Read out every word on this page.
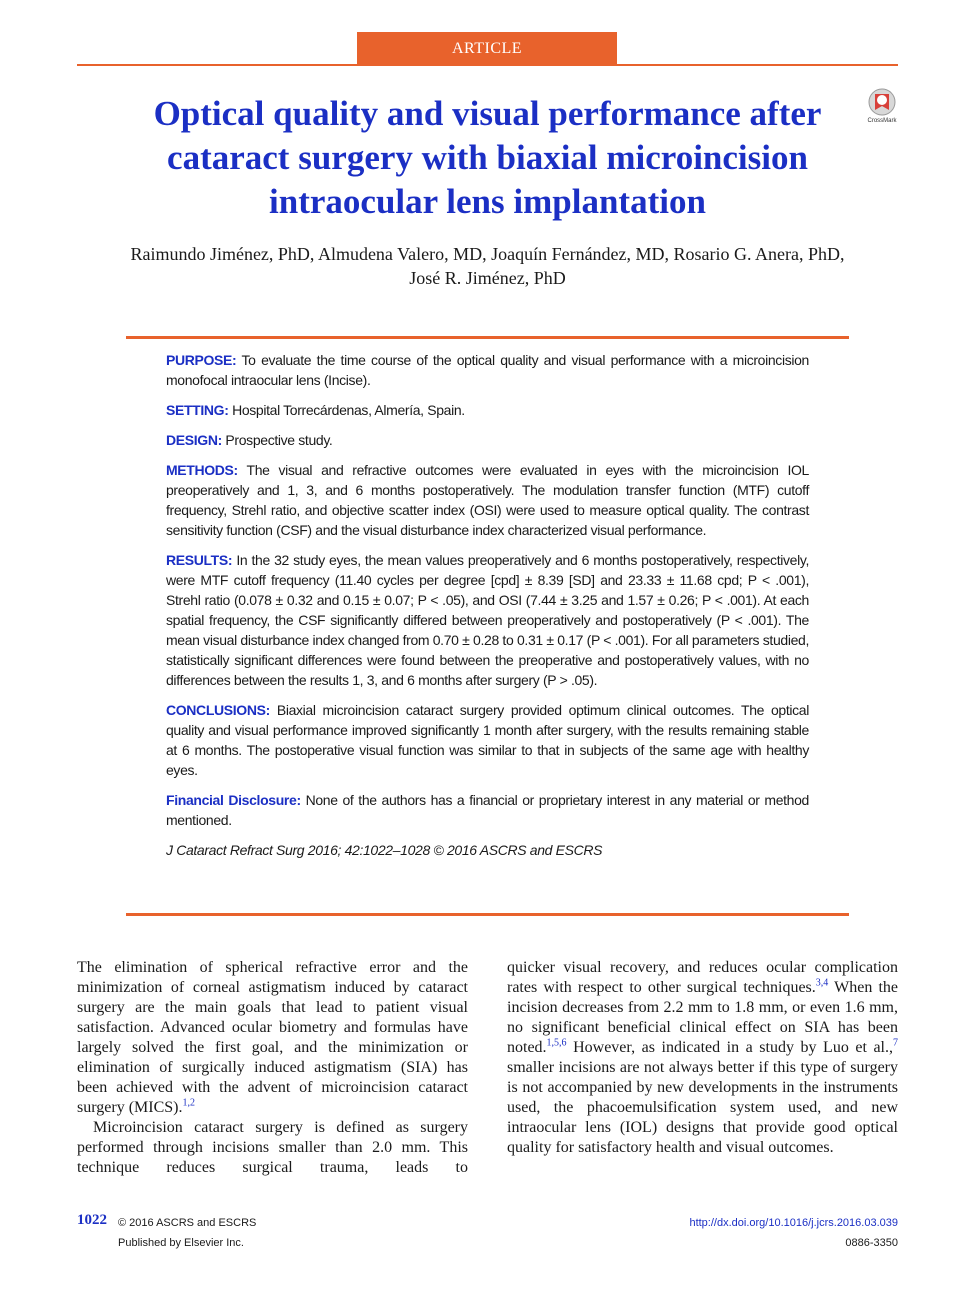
ARTICLE
Optical quality and visual performance after cataract surgery with biaxial microincision intraocular lens implantation
CrossMark
Raimundo Jiménez, PhD, Almudena Valero, MD, Joaquín Fernández, MD, Rosario G. Anera, PhD,
José R. Jiménez, PhD

PURPOSE: To evaluate the time course of the optical quality and visual performance with a microincision monofocal intraocular lens (Incise).

SETTING: Hospital Torrecárdenas, Almería, Spain.

DESIGN: Prospective study.

METHODS: The visual and refractive outcomes were evaluated in eyes with the microincision IOL preoperatively and 1, 3, and 6 months postoperatively. The modulation transfer function (MTF) cutoff frequency, Strehl ratio, and objective scatter index (OSI) were used to measure optical quality. The contrast sensitivity function (CSF) and the visual disturbance index characterized visual performance.

RESULTS: In the 32 study eyes, the mean values preoperatively and 6 months postoperatively, respectively, were MTF cutoff frequency (11.40 cycles per degree [cpd] ± 8.39 [SD] and 23.33 ± 11.68 cpd; P < .001), Strehl ratio (0.078 ± 0.32 and 0.15 ± 0.07; P < .05), and OSI (7.44 ± 3.25 and 1.57 ± 0.26; P < .001). At each spatial frequency, the CSF significantly differed between preoperatively and postoperatively (P < .001). The mean visual disturbance index changed from 0.70 ± 0.28 to 0.31 ± 0.17 (P < .001). For all parameters studied, statistically significant differences were found between the preoperative and postoperatively values, with no differences between the results 1, 3, and 6 months after surgery (P > .05).

CONCLUSIONS: Biaxial microincision cataract surgery provided optimum clinical outcomes. The optical quality and visual performance improved significantly 1 month after surgery, with the results remaining stable at 6 months. The postoperative visual function was similar to that in subjects of the same age with healthy eyes.

Financial Disclosure: None of the authors has a financial or proprietary interest in any material or method mentioned.

J Cataract Refract Surg 2016; 42:1022–1028 © 2016 ASCRS and ESCRS

The elimination of spherical refractive error and the minimization of corneal astigmatism induced by cataract surgery are the main goals that lead to patient visual satisfaction. Advanced ocular biometry and formulas have largely solved the first goal, and the minimization or elimination of surgically induced astigmatism (SIA) has been achieved with the advent of microincision cataract surgery (MICS).$^{1,2}$

Microincision cataract surgery is defined as surgery performed through incisions smaller than 2.0 mm. This technique reduces surgical trauma, leads to

quicker visual recovery, and reduces ocular complication rates with respect to other surgical techniques.$^{3,4}$ When the incision decreases from 2.2 mm to 1.8 mm, or even 1.6 mm, no significant beneficial clinical effect on SIA has been noted.$^{1,5,6}$ However, as indicated in a study by Luo et al.,$^7$ smaller incisions are not always better if this type of surgery is not accompanied by new developments in the instruments used, the phacoemulsification system used, and new intraocular lens (IOL) designs that provide good optical quality for satisfactory health and visual outcomes.

1022 © 2016 ASCRS and ESCRS
Published by Elsevier Inc.
http://dx.doi.org/10.1016/j.jcrs.2016.03.039
0886-3350
